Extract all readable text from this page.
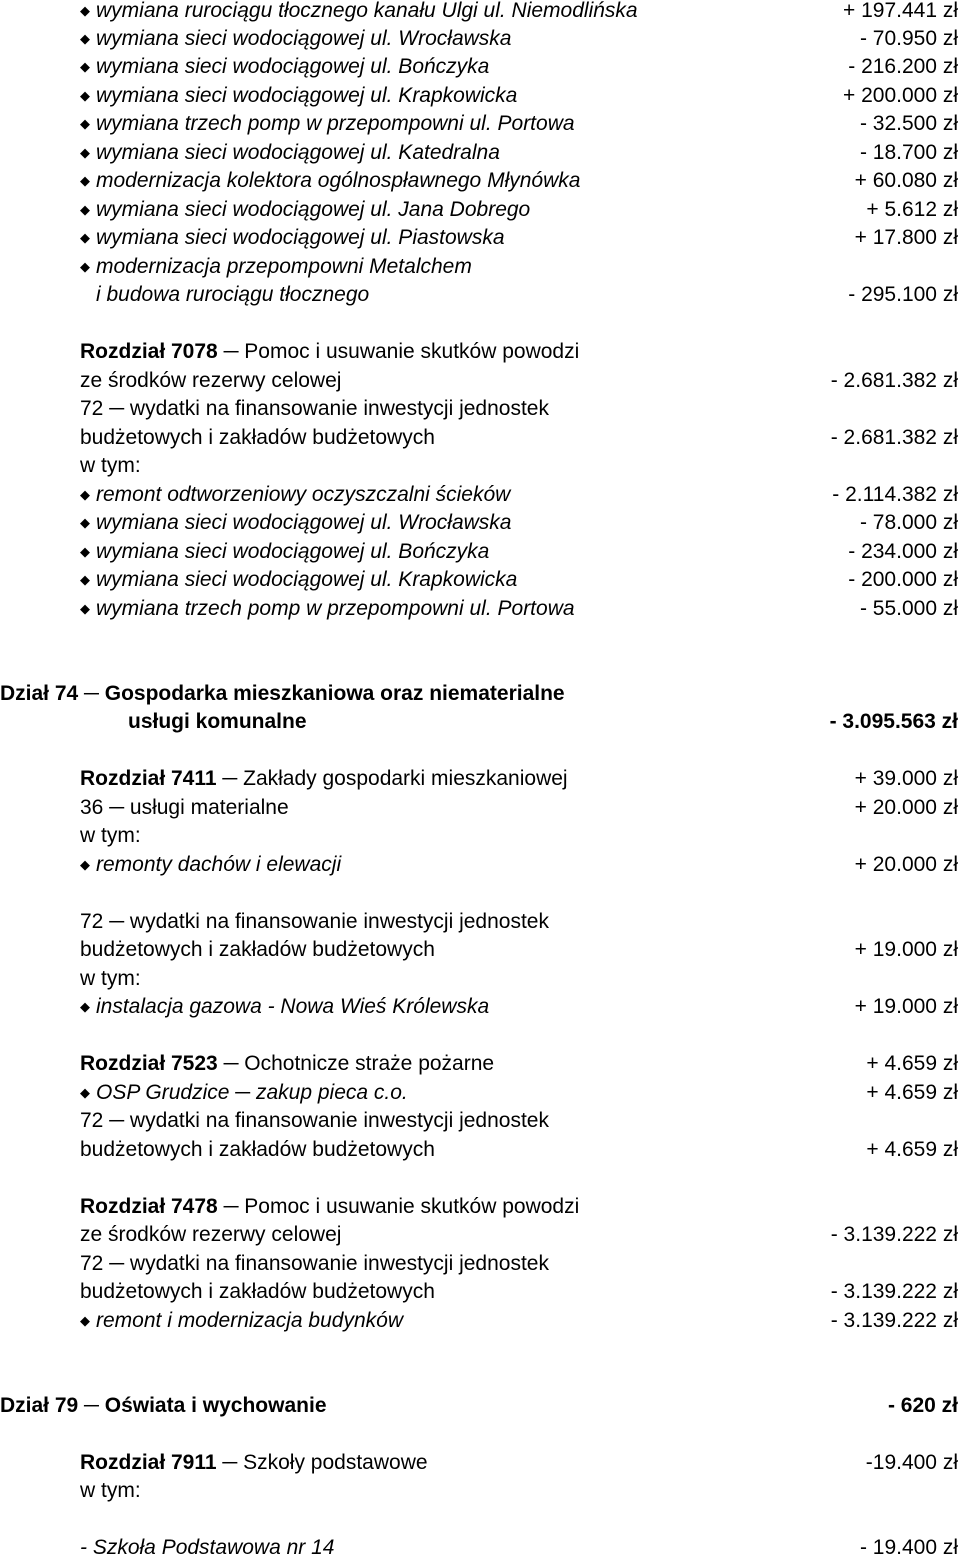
◆ wymiana rurociągu tłocznego kanału Ulgi ul. Niemodlińska	+ 197.441 zł
◆ wymiana sieci wodociągowej ul. Wrocławska	- 70.950 zł
◆ wymiana sieci wodociągowej ul. Bończyka	- 216.200 zł
◆ wymiana sieci wodociągowej ul. Krapkowicka	+ 200.000 zł
◆ wymiana trzech pomp w przepompowni ul. Portowa	- 32.500 zł
◆ wymiana sieci wodociągowej ul. Katedralna	- 18.700 zł
◆ modernizacja kolektora ogólnospławnego Młynówka	+ 60.080 zł
◆ wymiana sieci wodociągowej ul. Jana Dobrego	+ 5.612 zł
◆ wymiana sieci wodociągowej ul. Piastowska	+ 17.800 zł
◆ modernizacja przepompowni Metalchem
i budowa rurociągu tłocznego	- 295.100 zł
Rozdział 7078 ─ Pomoc i usuwanie skutków powodzi
ze środków rezerwy celowej	- 2.681.382 zł
72 ─ wydatki na finansowanie inwestycji jednostek
budżetowych i zakładów budżetowych	- 2.681.382 zł
w tym:
◆ remont odtworzeniowy oczyszczalni ścieków	- 2.114.382 zł
◆ wymiana sieci wodociągowej ul. Wrocławska	- 78.000 zł
◆ wymiana sieci wodociągowej ul. Bończyka	- 234.000 zł
◆ wymiana sieci wodociągowej ul. Krapkowicka	- 200.000 zł
◆ wymiana trzech pomp w przepompowni ul. Portowa	- 55.000 zł
Dział 74 ─ Gospodarka mieszkaniowa oraz niematerialne
usługi komunalne	- 3.095.563 zł
Rozdział 7411 ─ Zakłady gospodarki mieszkaniowej	+ 39.000 zł
36 ─ usługi materialne	+ 20.000 zł
w tym:
◆ remonty dachów i elewacji	+ 20.000 zł
72 ─ wydatki na finansowanie inwestycji jednostek
budżetowych i zakładów budżetowych	+ 19.000 zł
w tym:
◆ instalacja gazowa - Nowa Wieś Królewska	+ 19.000 zł
Rozdział 7523 ─ Ochotnicze straże pożarne	+ 4.659 zł
◆ OSP Grudzice ─ zakup pieca c.o.	+ 4.659 zł
72 ─ wydatki na finansowanie inwestycji jednostek
budżetowych i zakładów budżetowych	+ 4.659 zł
Rozdział 7478 ─ Pomoc i usuwanie skutków powodzi
ze środków rezerwy celowej	- 3.139.222 zł
72 ─ wydatki na finansowanie inwestycji jednostek
budżetowych i zakładów budżetowych	- 3.139.222 zł
◆ remont i modernizacja budynków	- 3.139.222 zł
Dział 79 ─ Oświata i wychowanie	- 620 zł
Rozdział 7911 ─ Szkoły podstawowe	-19.400 zł
w tym:
- Szkoła Podstawowa nr 14	- 19.400 zł
